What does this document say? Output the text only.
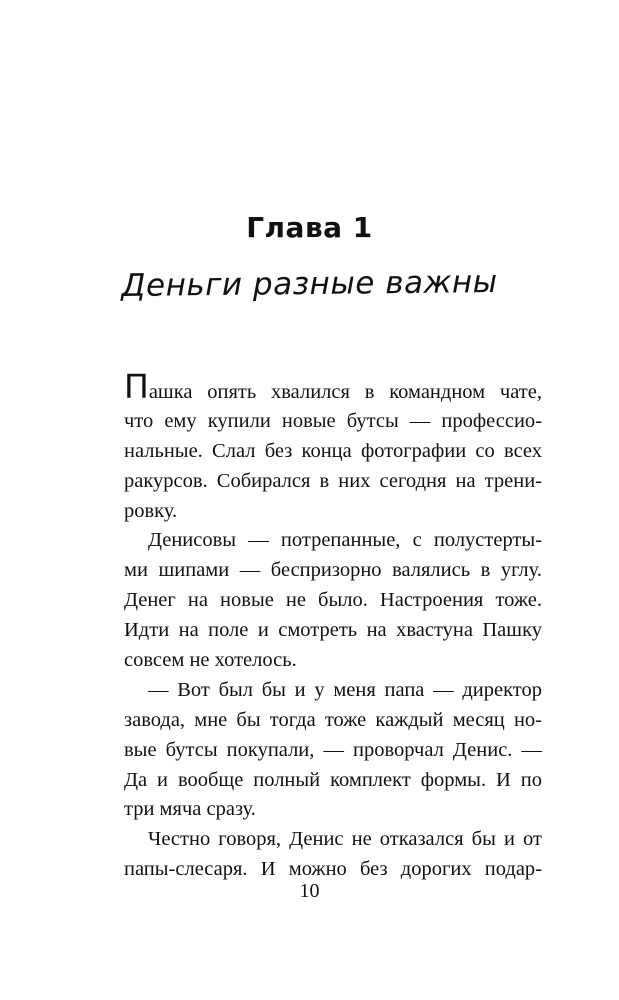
Глава 1
Деньги разные важны
Пашка опять хвалился в командном чате,
что ему купили новые бутсы — профессио-
нальные. Слал без конца фотографии со всех
ракурсов. Собирался в них сегодня на трени-
ровку.
Денисовы — потрепанные, с полустерты-
ми шипами — беспризорно валялись в углу.
Денег на новые не было. Настроения тоже.
Идти на поле и смотреть на хвастуна Пашку
совсем не хотелось.
— Вот был бы и у меня папа — директор
завода, мне бы тогда тоже каждый месяц но-
вые бутсы покупали, — проворчал Денис. —
Да и вообще полный комплект формы. И по
три мяча сразу.
Честно говоря, Денис не отказался бы и от
папы-слесаря. И можно без дорогих подар-
10
